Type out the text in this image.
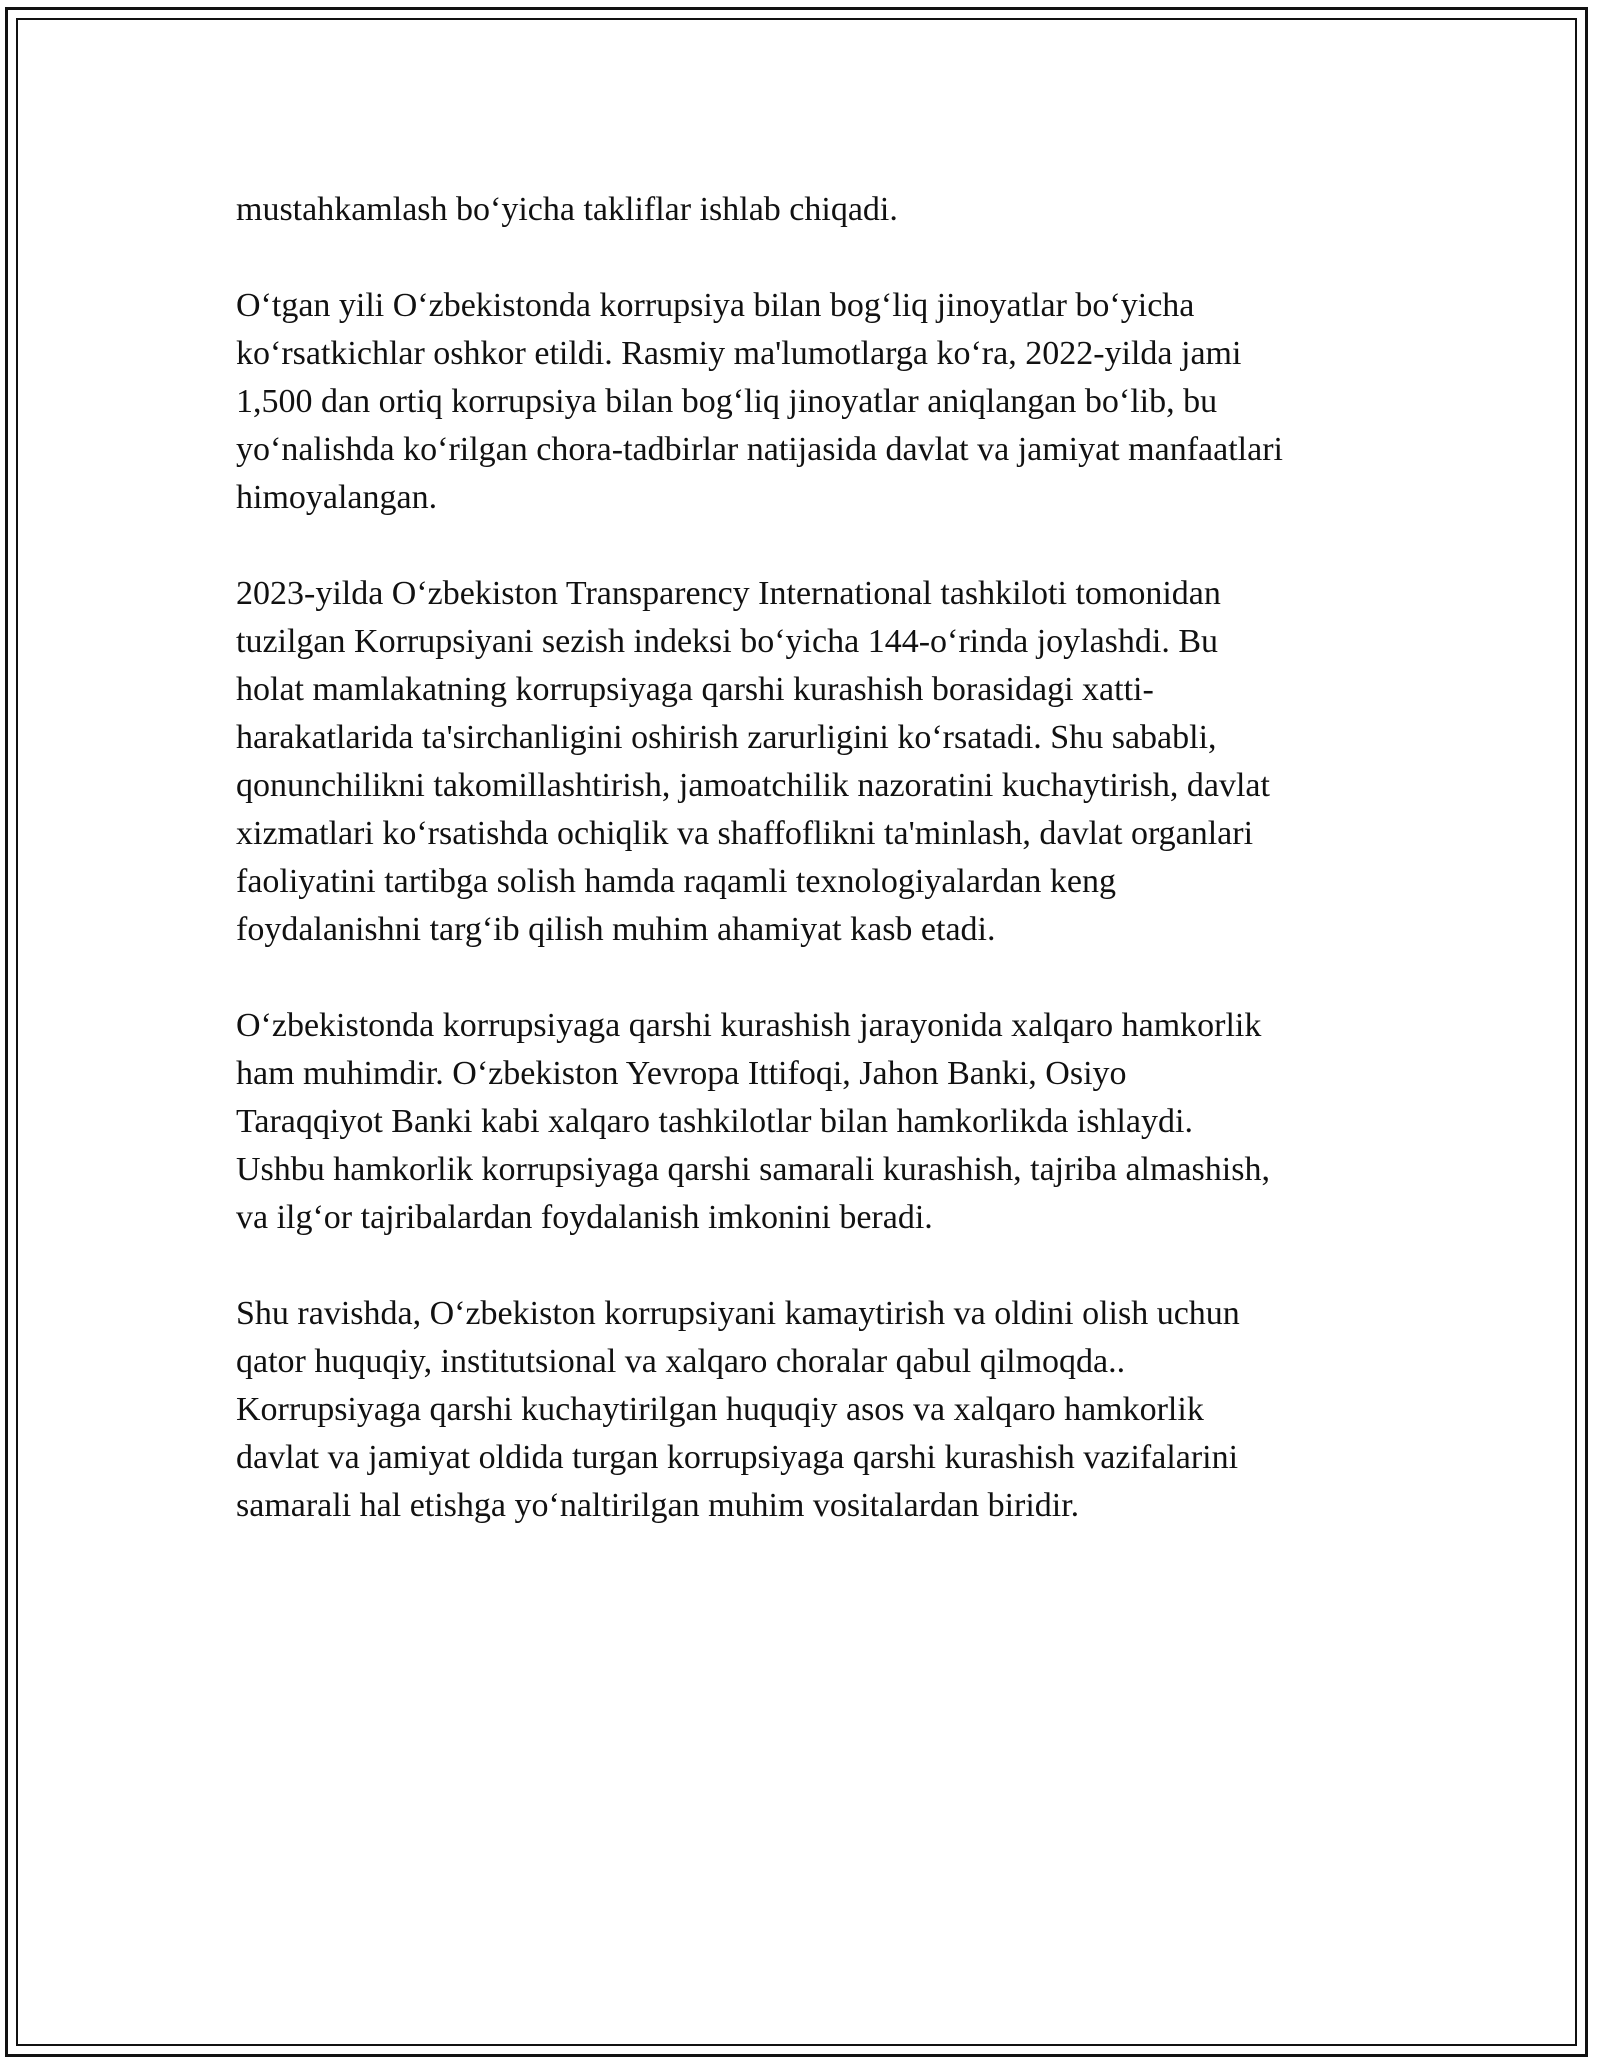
mustahkamlash bo‘yicha takliflar ishlab chiqadi.

O‘tgan yili O‘zbekistonda korrupsiya bilan bog‘liq jinoyatlar bo‘yicha
ko‘rsatkichlar oshkor etildi. Rasmiy ma'lumotlarga ko‘ra, 2022-yilda jami
1,500 dan ortiq korrupsiya bilan bog‘liq jinoyatlar aniqlangan bo‘lib, bu
yo‘nalishda ko‘rilgan chora-tadbirlar natijasida davlat va jamiyat manfaatlari
himoyalangan.

2023-yilda O‘zbekiston Transparency International tashkiloti tomonidan
tuzilgan Korrupsiyani sezish indeksi bo‘yicha 144-o‘rinda joylashdi. Bu
holat mamlakatning korrupsiyaga qarshi kurashish borasidagi xatti-
harakatlarida ta'sirchanligini oshirish zarurligini ko‘rsatadi. Shu sababli,
qonunchilikni takomillashtirish, jamoatchilik nazoratini kuchaytirish, davlat
xizmatlari ko‘rsatishda ochiqlik va shaffoflikni ta'minlash, davlat organlari
faoliyatini tartibga solish hamda raqamli texnologiyalardan keng
foydalanishni targ‘ib qilish muhim ahamiyat kasb etadi.

O‘zbekistonda korrupsiyaga qarshi kurashish jarayonida xalqaro hamkorlik
ham muhimdir. O‘zbekiston Yevropa Ittifoqi, Jahon Banki, Osiyo
Taraqqiyot Banki kabi xalqaro tashkilotlar bilan hamkorlikda ishlaydi.
Ushbu hamkorlik korrupsiyaga qarshi samarali kurashish, tajriba almashish,
va ilg‘or tajribalardan foydalanish imkonini beradi.

Shu ravishda, O‘zbekiston korrupsiyani kamaytirish va oldini olish uchun
qator huquqiy, institutsional va xalqaro choralar qabul qilmoqda..
Korrupsiyaga qarshi kuchaytirilgan huquqiy asos va xalqaro hamkorlik
davlat va jamiyat oldida turgan korrupsiyaga qarshi kurashish vazifalarini
samarali hal etishga yo‘naltirilgan muhim vositalardan biridir.
